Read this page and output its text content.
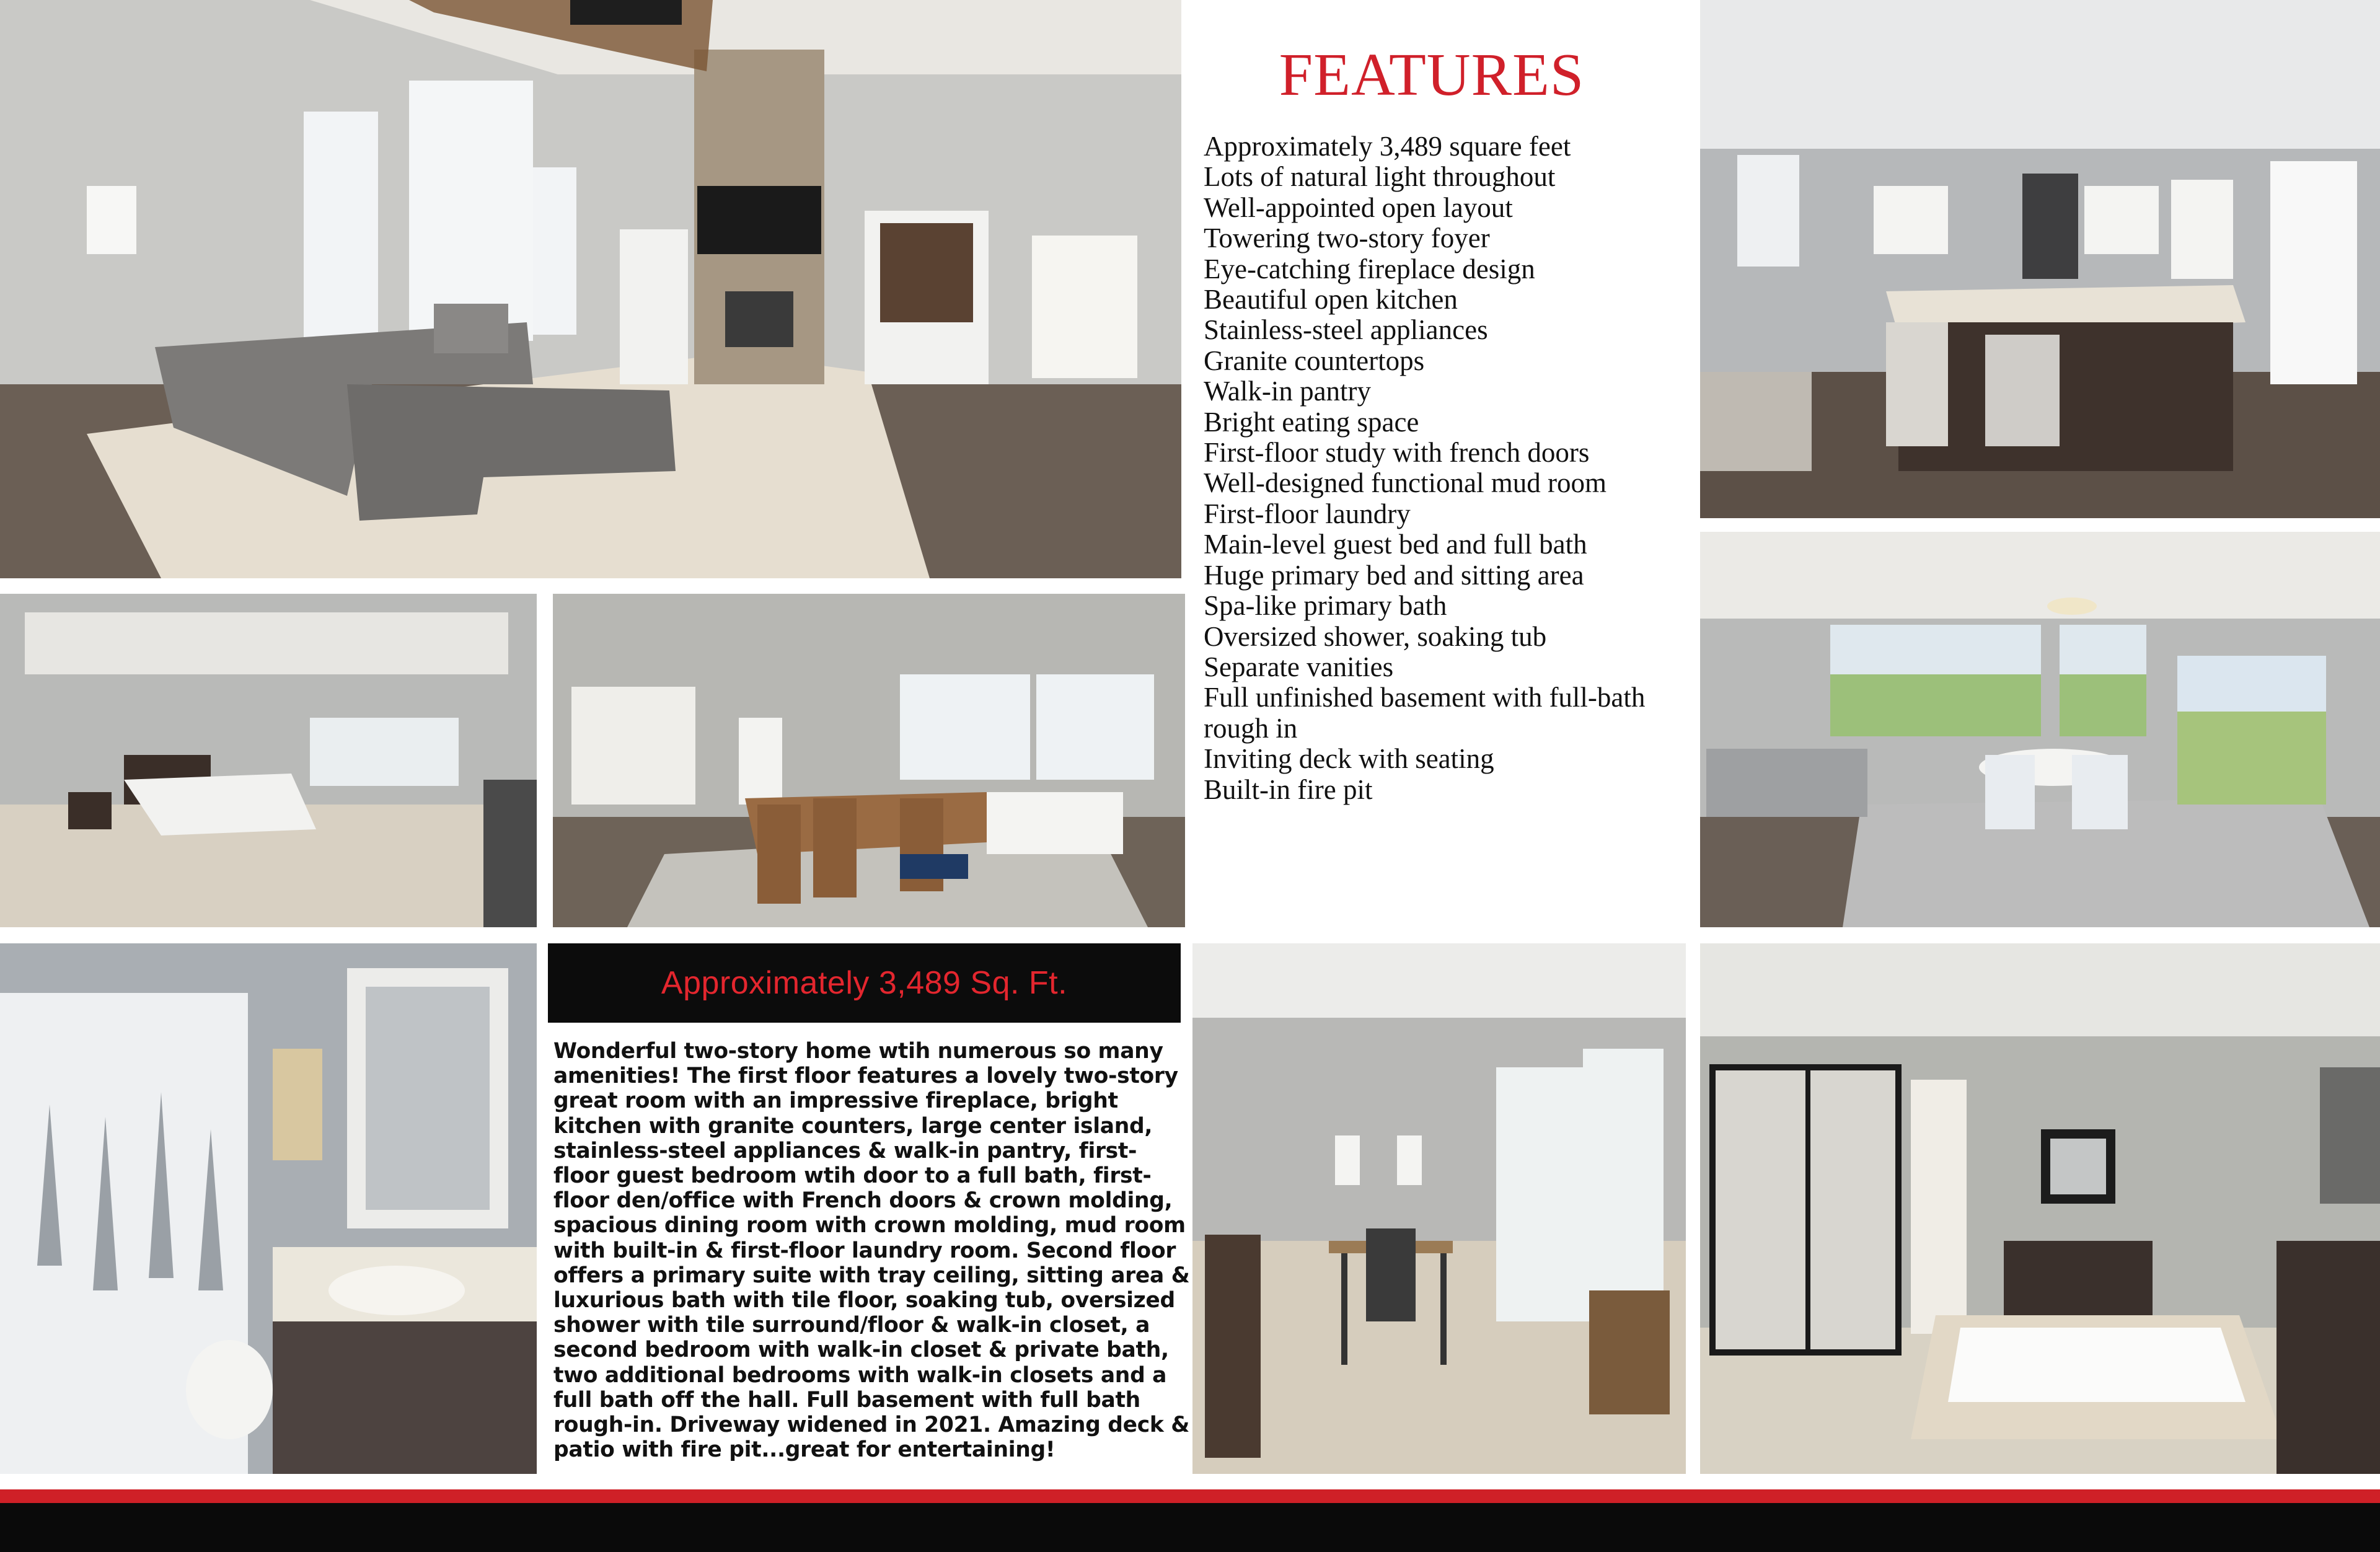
FEATURES
Approximately 3,489 square feet
Lots of natural light throughout
Well-appointed open layout
Towering two-story foyer
Eye-catching fireplace design
Beautiful open kitchen
Stainless-steel appliances
Granite countertops
Walk-in pantry
Bright eating space
First-floor study with french doors
Well-designed functional mud room
First-floor laundry
Main-level guest bed and full bath
Huge primary bed and sitting area
Spa-like primary bath
Oversized shower, soaking tub
Separate vanities
Full unfinished basement with full-bath rough in
Inviting deck with seating
Built-in fire pit
Approximately 3,489 Sq. Ft.
Wonderful two-story home wtih numerous so many amenities! The first floor features a lovely two-story great room with an impressive fireplace, bright kitchen with granite counters, large center island, stainless-steel appliances & walk-in pantry, first-floor guest bedroom wtih door to a full bath, first-floor den/office with French doors & crown molding, spacious dining room with crown molding, mud room with built-in & first-floor laundry room. Second floor offers a primary suite with tray ceiling, sitting area & luxurious bath with tile floor, soaking tub, oversized shower with tile surround/floor & walk-in closet, a second bedroom with walk-in closet & private bath, two additional bedrooms with walk-in closets and a full bath off the hall. Full basement with full bath rough-in. Driveway widened in 2021. Amazing deck & patio with fire pit...great for entertaining!
